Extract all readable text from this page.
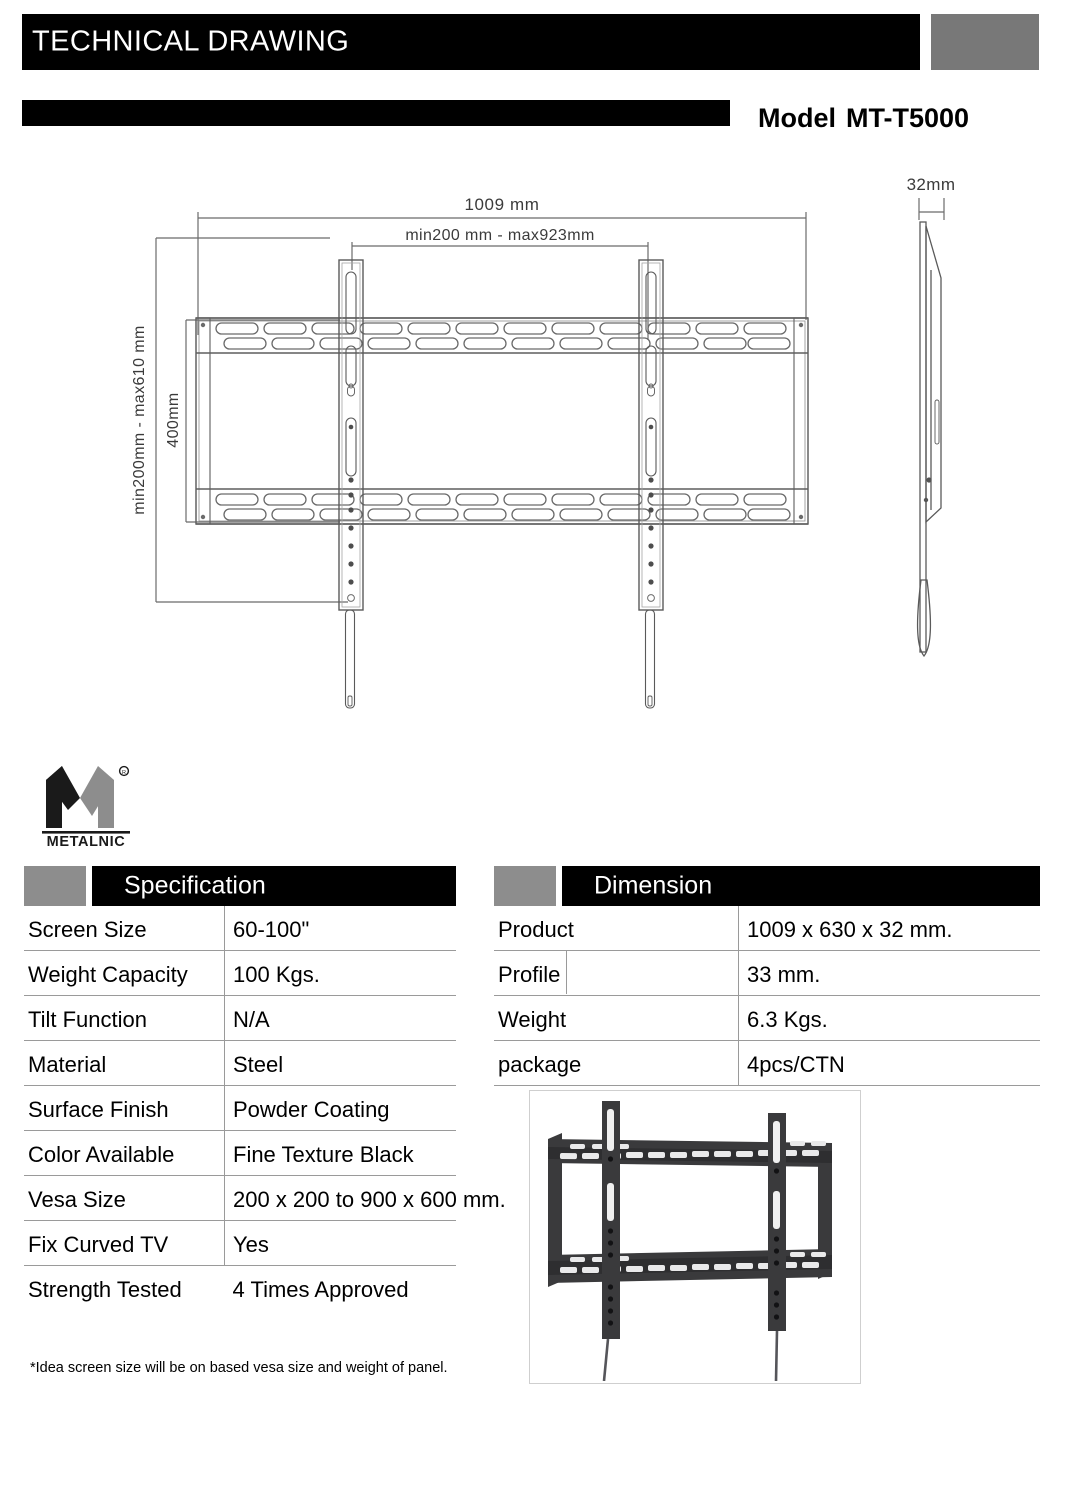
TECHNICAL DRAWING
Model MT-T5000
1009 mm
min200 mm - max923mm
min200mm - max610 mm 400mm
32mm
R
METALNIC
Specification
Screen Size	60-100"
Weight Capacity	100 Kgs.
Tilt Function	N/A
Material	Steel
Surface Finish	Powder Coating
Color Available	Fine Texture Black
Vesa Size	200 x 200 to 900 x 600 mm.
Fix Curved TV	Yes
Strength Tested	4 Times Approved
Dimension
Product	1009 x 630 x 32 mm.
Profile	33 mm.
Weight	6.3 Kgs.
package	4pcs/CTN
*Idea screen size will be on based vesa size and weight of panel.
